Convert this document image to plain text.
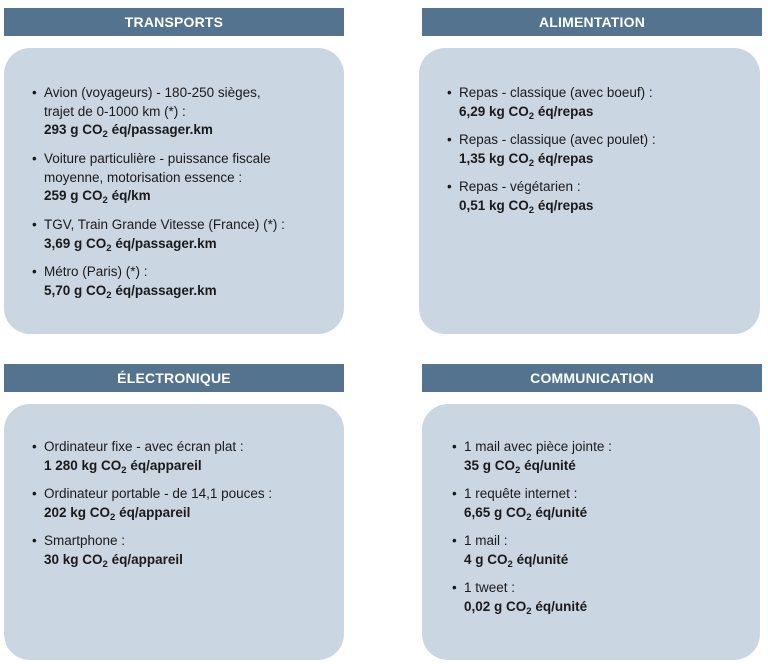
TRANSPORTS
• Avion (voyageurs) - 180-250 sièges,
trajet de 0-1000 km (*) :
293 g $CO_2$ éq/passager.km
• Voiture particulière - puissance fiscale
moyenne, motorisation essence :
259 g $CO_2$ éq/km
• TGV, Train Grande Vitesse (France) (*) :
3,69 g $CO_2$ éq/passager.km
• Métro (Paris) (*) :
5,70 g $CO_2$ éq/passager.km
ALIMENTATION
• Repas - classique (avec boeuf) :
6,29 kg $CO_2$ éq/repas
• Repas - classique (avec poulet) :
1,35 kg $CO_2$ éq/repas
• Repas - végétarien :
0,51 kg $CO_2$ éq/repas
ÉLECTRONIQUE
• Ordinateur fixe - avec écran plat :
1 280 kg $CO_2$ éq/appareil
• Ordinateur portable - de 14,1 pouces :
202 kg $CO_2$ éq/appareil
• Smartphone :
30 kg $CO_2$ éq/appareil
COMMUNICATION
• 1 mail avec pièce jointe :
35 g $CO_2$ éq/unité
• 1 requête internet :
6,65 g $CO_2$ éq/unité
• 1 mail :
4 g $CO_2$ éq/unité
• 1 tweet :
0,02 g $CO_2$ éq/unité
